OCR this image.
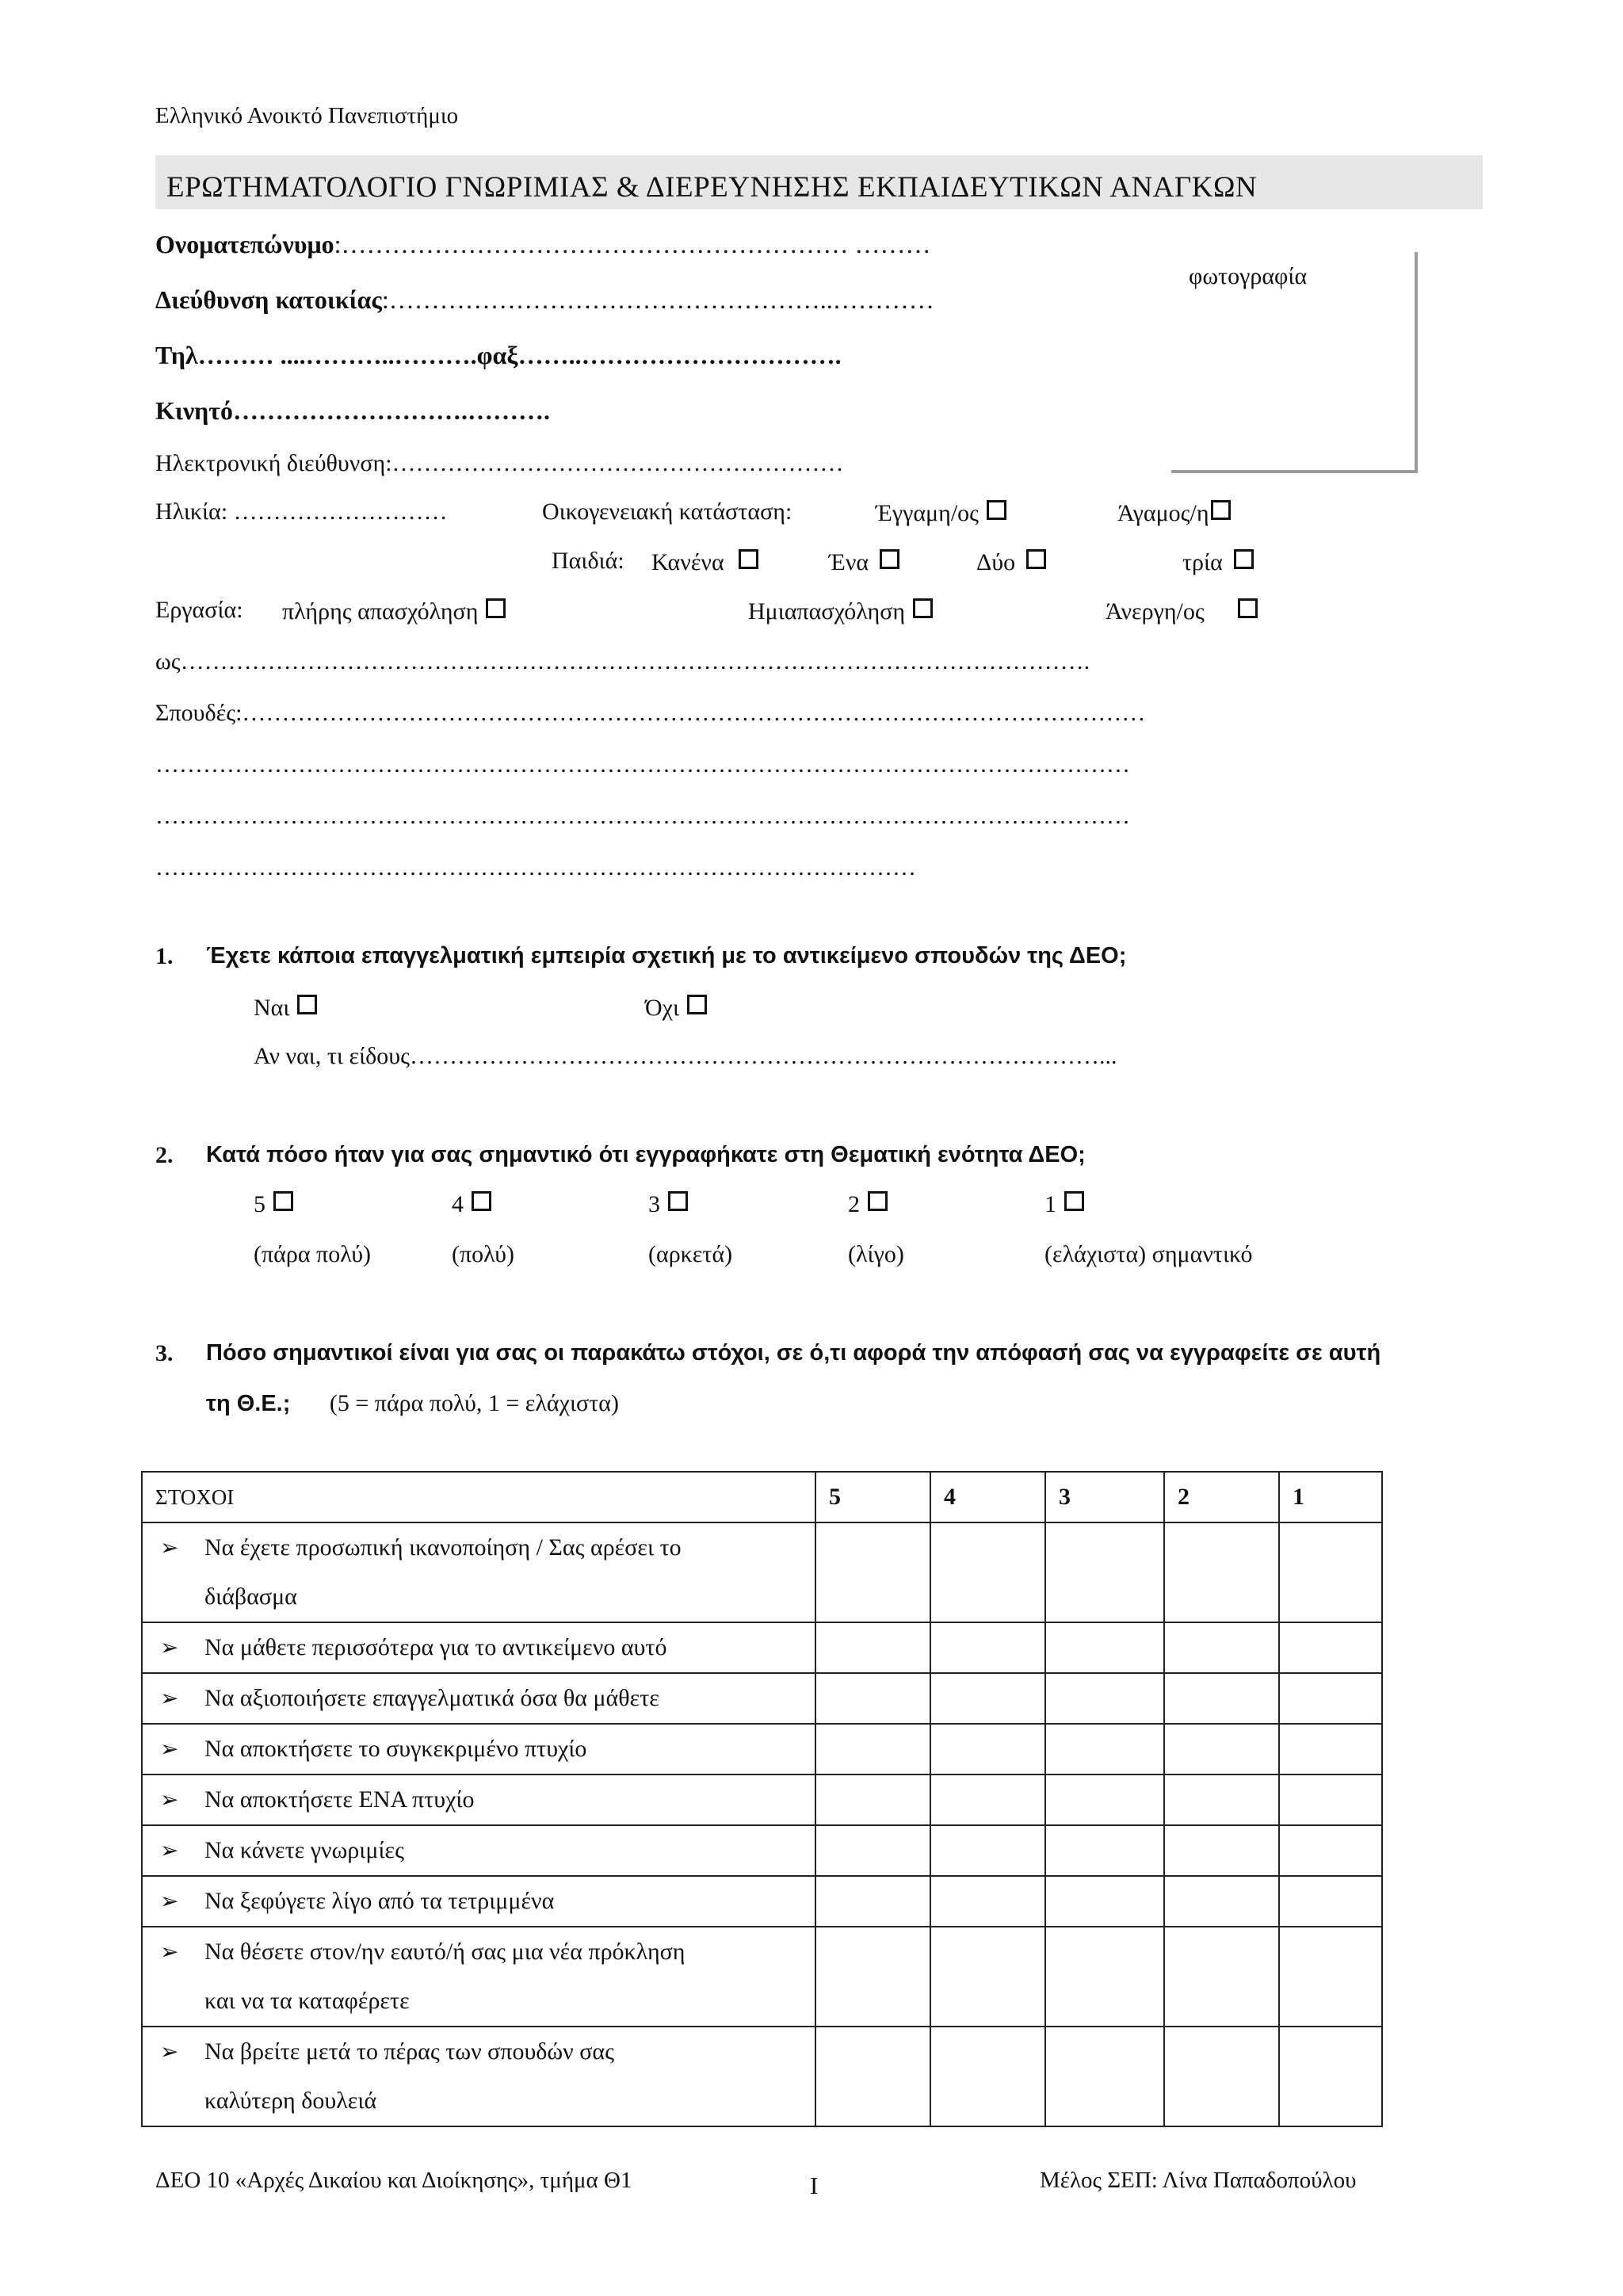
Ελληνικό Ανοικτό Πανεπιστήμιο
ΕΡΩΤΗΜΑΤΟΛΟΓΙΟ ΓΝΩΡΙΜΙΑΣ & ΔΙΕΡΕΥΝΗΣΗΣ ΕΚΠΑΙΔΕΥΤΙΚΩΝ ΑΝΑΓΚΩΝ
φωτογραφία
Ονοματεπώνυμο:…………………………………………………… ………
Διεύθυνση κατοικίας:……………………………………………..…………
Τηλ……… ....………..……….φαξ……..………………………….
Κινητό……………………….……….
Ηλεκτρονική διεύθυνση:…………………………………………………
Ηλικία: ………………………	Οικογενειακή κατάσταση:	Έγγαμη/ος	Άγαμος/η
Παιδιά: Κανένα	Ένα	Δύο	τρία
Εργασία: πλήρης απασχόληση	Ημιαπασχόληση	Άνεργη/ος
ως…………………………………………………………………………………………………….
Σπουδές:……………………………………………………………………………………………………
……………………………………………………………………………………………………………
……………………………………………………………………………………………………………
……………………………………………………………………………………
1. Έχετε κάποια επαγγελματική εμπειρία σχετική με το αντικείμενο σπουδών της ΔΕΟ;
Ναι	Όχι
Αν ναι, τι είδους……………………………………………………………………………...
2. Κατά πόσο ήταν για σας σημαντικό ότι εγγραφήκατε στη Θεματική ενότητα ΔΕΟ;
5	4	3	2	1
(πάρα πολύ)	(πολύ)	(αρκετά)	(λίγο)	(ελάχιστα) σημαντικό
3. Πόσο σημαντικοί είναι για σας οι παρακάτω στόχοι, σε ό,τι αφορά την απόφασή σας να εγγραφείτε σε αυτή
τη Θ.Ε.; (5 = πάρα πολύ, 1 = ελάχιστα)
ΣΤΟΧΟΙ	5	4	3	2	1
➢ Να έχετε προσωπική ικανοποίηση / Σας αρέσει το
διάβασμα					
➢ Να μάθετε περισσότερα για το αντικείμενο αυτό					
➢ Να αξιοποιήσετε επαγγελματικά όσα θα μάθετε					
➢ Να αποκτήσετε το συγκεκριμένο πτυχίο					
➢ Να αποκτήσετε ΕΝΑ πτυχίο					
➢ Να κάνετε γνωριμίες					
➢ Να ξεφύγετε λίγο από τα τετριμμένα					
➢ Να θέσετε στον/ην εαυτό/ή σας μια νέα πρόκληση
και να τα καταφέρετε					
➢ Να βρείτε μετά το πέρας των σπουδών σας
καλύτερη δουλειά					
ΔΕΟ 10 «Αρχές Δικαίου και Διοίκησης», τμήμα Θ1	I	Μέλος ΣΕΠ: Λίνα Παπαδοπούλου
